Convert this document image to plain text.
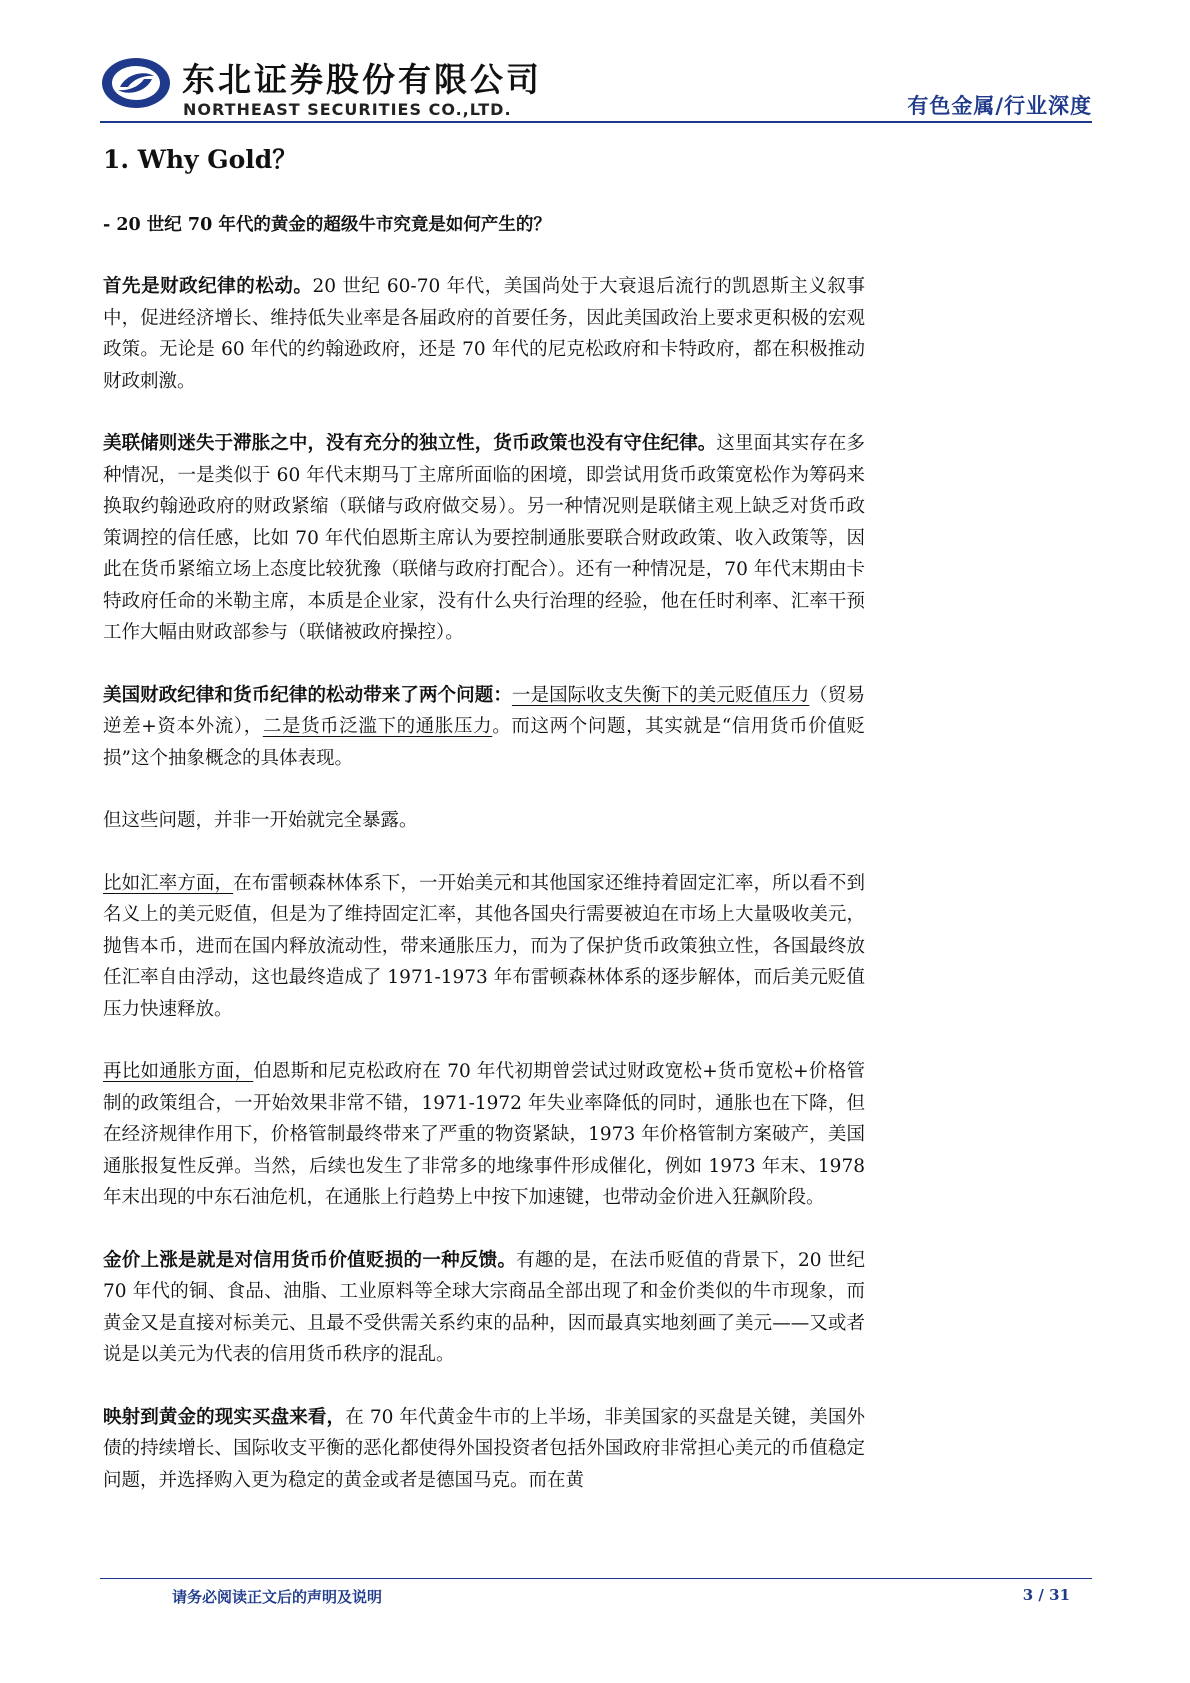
东北证券股份有限公司
NORTHEAST SECURITIES CO.,LTD.	有色金属/行业深度
1. Why Gold？
- 20 世纪 70 年代的黄金的超级牛市究竟是如何产生的？

首先是财政纪律的松动。20 世纪 60-70 年代，美国尚处于大衰退后流行的凯恩斯主义叙事中，促进经济增长、维持低失业率是各届政府的首要任务，因此美国政治上要求更积极的宏观政策。无论是 60 年代的约翰逊政府，还是 70 年代的尼克松政府和卡特政府，都在积极推动财政刺激。

美联储则迷失于滞胀之中，没有充分的独立性，货币政策也没有守住纪律。这里面其实存在多种情况，一是类似于 60 年代末期马丁主席所面临的困境，即尝试用货币政策宽松作为筹码来换取约翰逊政府的财政紧缩（联储与政府做交易）。另一种情况则是联储主观上缺乏对货币政策调控的信任感，比如 70 年代伯恩斯主席认为要控制通胀要联合财政政策、收入政策等，因此在货币紧缩立场上态度比较犹豫（联储与政府打配合）。还有一种情况是，70 年代末期由卡特政府任命的米勒主席，本质是企业家，没有什么央行治理的经验，他在任时利率、汇率干预工作大幅由财政部参与（联储被政府操控）。

美国财政纪律和货币纪律的松动带来了两个问题：一是国际收支失衡下的美元贬值压力（贸易逆差+资本外流），二是货币泛滥下的通胀压力。而这两个问题，其实就是“信用货币价值贬损”这个抽象概念的具体表现。

但这些问题，并非一开始就完全暴露。

比如汇率方面，在布雷顿森林体系下，一开始美元和其他国家还维持着固定汇率，所以看不到名义上的美元贬值，但是为了维持固定汇率，其他各国央行需要被迫在市场上大量吸收美元，抛售本币，进而在国内释放流动性，带来通胀压力，而为了保护货币政策独立性，各国最终放任汇率自由浮动，这也最终造成了 1971-1973 年布雷顿森林体系的逐步解体，而后美元贬值压力快速释放。

再比如通胀方面，伯恩斯和尼克松政府在 70 年代初期曾尝试过财政宽松+货币宽松+价格管制的政策组合，一开始效果非常不错，1971-1972 年失业率降低的同时，通胀也在下降，但在经济规律作用下，价格管制最终带来了严重的物资紧缺，1973 年价格管制方案破产，美国通胀报复性反弹。当然，后续也发生了非常多的地缘事件形成催化，例如 1973 年末、1978 年末出现的中东石油危机，在通胀上行趋势上中按下加速键，也带动金价进入狂飙阶段。

金价上涨是就是对信用货币价值贬损的一种反馈。有趣的是，在法币贬值的背景下，20 世纪 70 年代的铜、食品、油脂、工业原料等全球大宗商品全部出现了和金价类似的牛市现象，而黄金又是直接对标美元、且最不受供需关系约束的品种，因而最真实地刻画了美元——又或者说是以美元为代表的信用货币秩序的混乱。

映射到黄金的现实买盘来看，在 70 年代黄金牛市的上半场，非美国家的买盘是关键，美国外债的持续增长、国际收支平衡的恶化都使得外国投资者包括外国政府非常担心美元的币值稳定问题，并选择购入更为稳定的黄金或者是德国马克。而在黄

请务必阅读正文后的声明及说明	3 / 31
